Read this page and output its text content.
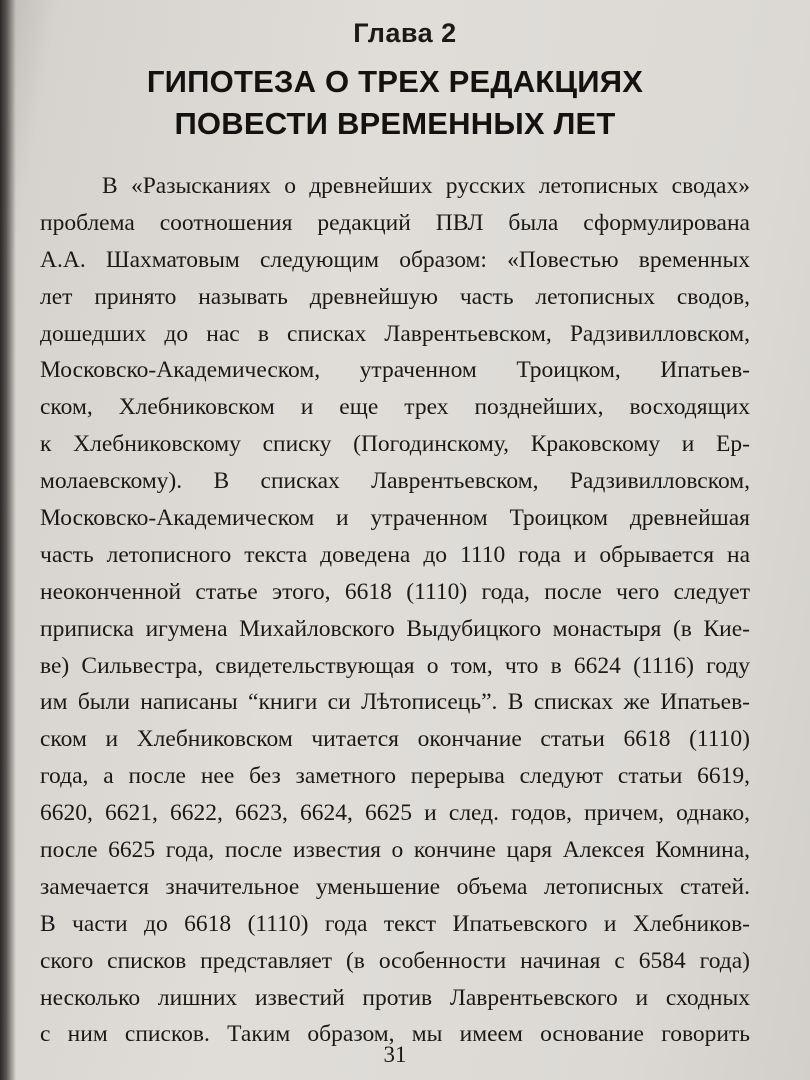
Глава 2
ГИПОТЕЗА О ТРЕХ РЕДАКЦИЯХ
ПОВЕСТИ ВРЕМЕННЫХ ЛЕТ
В «Разысканиях о древнейших русских летописных сводах»
проблема соотношения редакций ПВЛ была сформулирована
А.А. Шахматовым следующим образом: «Повестью временных
лет принято называть древнейшую часть летописных сводов,
дошедших до нас в списках Лаврентьевском, Радзивилловском,
Московско-Академическом, утраченном Троицком, Ипатьев-
ском, Хлебниковском и еще трех позднейших, восходящих
к Хлебниковскому списку (Погодинскому, Краковскому и Ер-
молаевскому). В списках Лаврентьевском, Радзивилловском,
Московско-Академическом и утраченном Троицком древнейшая
часть летописного текста доведена до 1110 года и обрывается на
неоконченной статье этого, 6618 (1110) года, после чего следует
приписка игумена Михайловского Выдубицкого монастыря (в Кие-
ве) Сильвестра, свидетельствующая о том, что в 6624 (1116) году
им были написаны “книги си Лѣтописець”. В списках же Ипатьев-
ском и Хлебниковском читается окончание статьи 6618 (1110)
года, а после нее без заметного перерыва следуют статьи 6619,
6620, 6621, 6622, 6623, 6624, 6625 и след. годов, причем, однако,
после 6625 года, после известия о кончине царя Алексея Комнина,
замечается значительное уменьшение объема летописных статей.
В части до 6618 (1110) года текст Ипатьевского и Хлебников-
ского списков представляет (в особенности начиная с 6584 года)
несколько лишних известий против Лаврентьевского и сходных
с ним списков. Таким образом, мы имеем основание говорить
31
